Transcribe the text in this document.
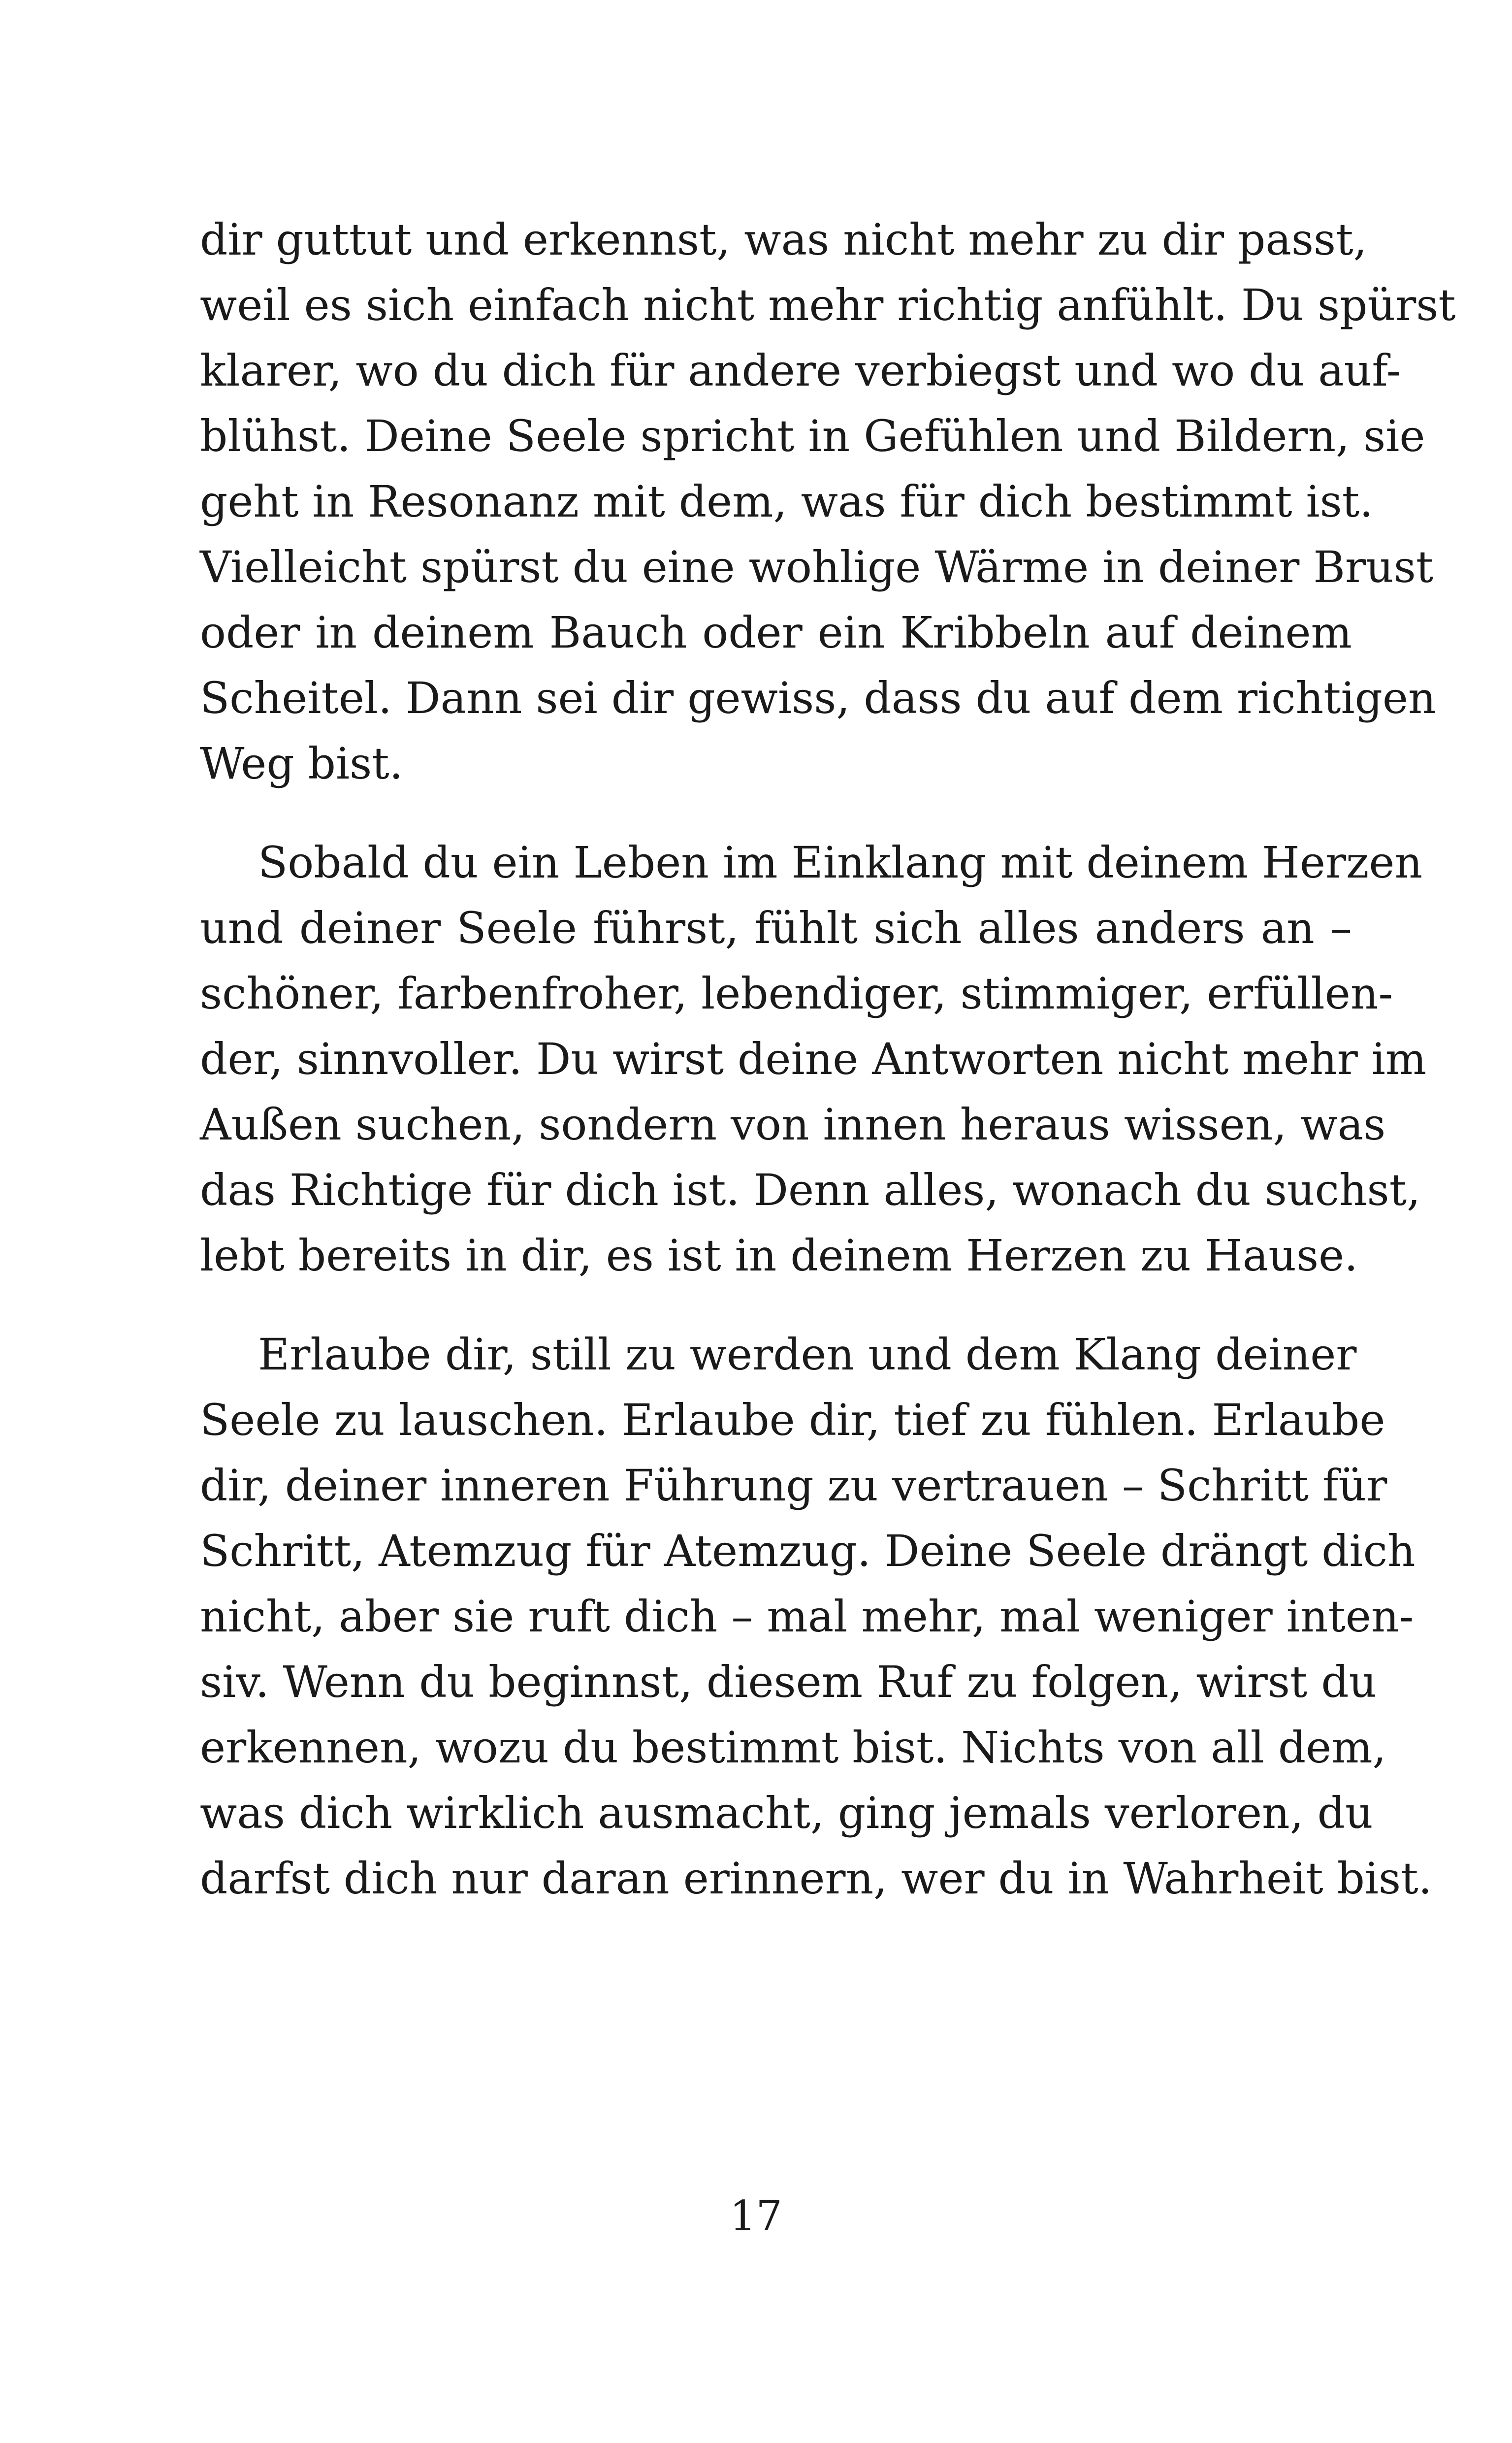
dir guttut und erkennst, was nicht mehr zu dir passt,
weil es sich einfach nicht mehr richtig anfühlt. Du spürst
klarer, wo du dich für andere verbiegst und wo du auf-
blühst. Deine Seele spricht in Gefühlen und Bildern, sie
geht in Resonanz mit dem, was für dich bestimmt ist.
Vielleicht spürst du eine wohlige Wärme in deiner Brust
oder in deinem Bauch oder ein Kribbeln auf deinem
Scheitel. Dann sei dir gewiss, dass du auf dem richtigen
Weg bist.
Sobald du ein Leben im Einklang mit deinem Herzen
und deiner Seele führst, fühlt sich alles anders an –
schöner, farbenfroher, lebendiger, stimmiger, erfüllen-
der, sinnvoller. Du wirst deine Antworten nicht mehr im
Außen suchen, sondern von innen heraus wissen, was
das Richtige für dich ist. Denn alles, wonach du suchst,
lebt bereits in dir, es ist in deinem Herzen zu Hause.
Erlaube dir, still zu werden und dem Klang deiner
Seele zu lauschen. Erlaube dir, tief zu fühlen. Erlaube
dir, deiner inneren Führung zu vertrauen – Schritt für
Schritt, Atemzug für Atemzug. Deine Seele drängt dich
nicht, aber sie ruft dich – mal mehr, mal weniger inten-
siv. Wenn du beginnst, diesem Ruf zu folgen, wirst du
erkennen, wozu du bestimmt bist. Nichts von all dem,
was dich wirklich ausmacht, ging jemals verloren, du
darfst dich nur daran erinnern, wer du in Wahrheit bist.
17
